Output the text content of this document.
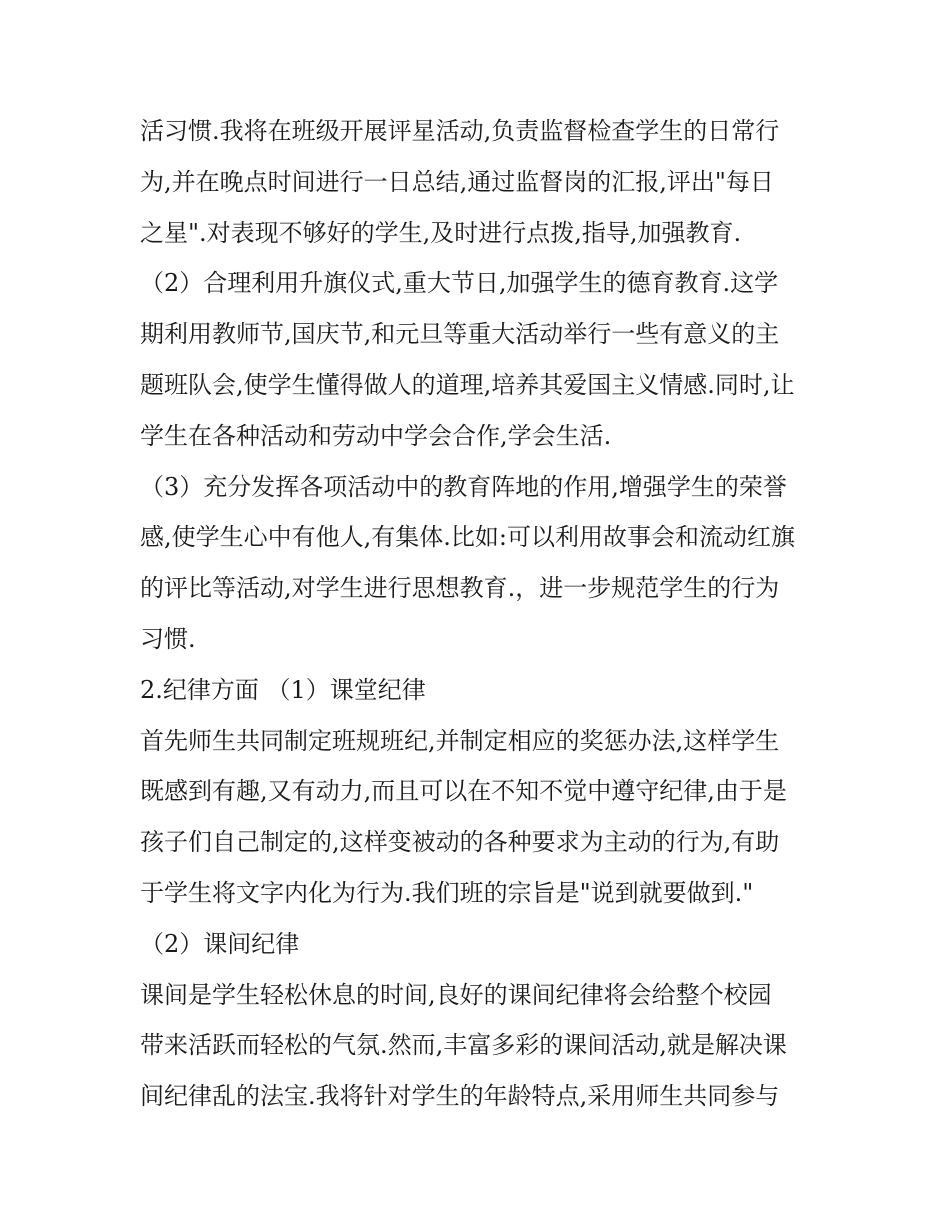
活习惯.我将在班级开展评星活动,负责监督检查学生的日常行
为,并在晚点时间进行一日总结,通过监督岗的汇报,评出"每日
之星".对表现不够好的学生,及时进行点拨,指导,加强教育.
（2）合理利用升旗仪式,重大节日,加强学生的德育教育.这学
期利用教师节,国庆节,和元旦等重大活动举行一些有意义的主
题班队会,使学生懂得做人的道理,培养其爱国主义情感.同时,让
学生在各种活动和劳动中学会合作,学会生活.
（3）充分发挥各项活动中的教育阵地的作用,增强学生的荣誉
感,使学生心中有他人,有集体.比如:可以利用故事会和流动红旗
的评比等活动,对学生进行思想教育.，进一步规范学生的行为
习惯.
2.纪律方面 （1）课堂纪律
首先师生共同制定班规班纪,并制定相应的奖惩办法,这样学生
既感到有趣,又有动力,而且可以在不知不觉中遵守纪律,由于是
孩子们自己制定的,这样变被动的各种要求为主动的行为,有助
于学生将文字内化为行为.我们班的宗旨是"说到就要做到."
（2）课间纪律
课间是学生轻松休息的时间,良好的课间纪律将会给整个校园
带来活跃而轻松的气氛.然而,丰富多彩的课间活动,就是解决课
间纪律乱的法宝.我将针对学生的年龄特点,采用师生共同参与
